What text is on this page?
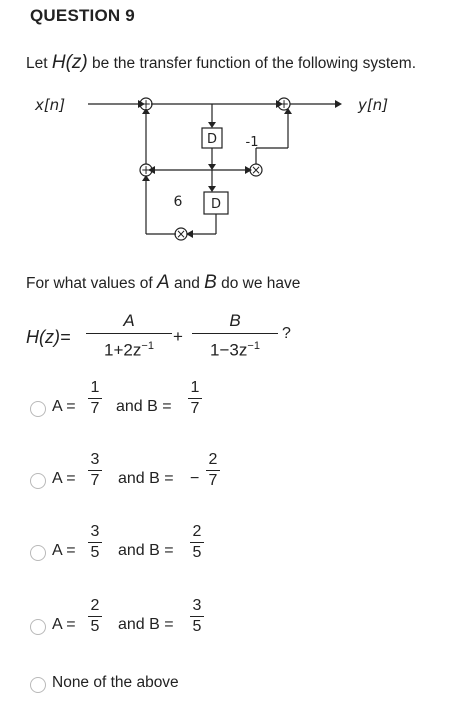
QUESTION 9
Let H(z) be the transfer function of the following system.
+	+
+	×
×
D
D
-1
6
x[n]	y[n]
For what values of A and B do we have
H(z)=
A
$1+2z^{-1}$	+
B
$1-3z^{-1}$
?
A =
1
7 and B =
1
7
A =
3
7 and B = −
2
7
A =
3
5 and B =
2
5
A =
2
5 and B =
3
5
None of the above
